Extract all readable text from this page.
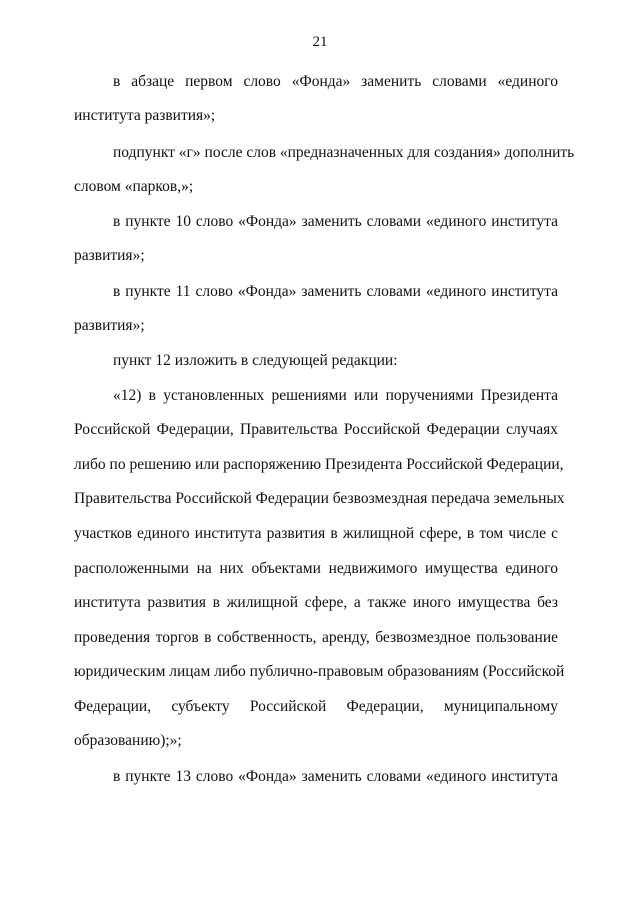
21
в абзаце первом слово «Фонда» заменить словами «единого
института развития»;
подпункт «г» после слов «предназначенных для создания» дополнить
словом «парков,»;
в пункте 10 слово «Фонда» заменить словами «единого института
развития»;
в пункте 11 слово «Фонда» заменить словами «единого института
развития»;
пункт 12 изложить в следующей редакции:
«12) в установленных решениями или поручениями Президента
Российской Федерации, Правительства Российской Федерации случаях
либо по решению или распоряжению Президента Российской Федерации,
Правительства Российской Федерации безвозмездная передача земельных
участков единого института развития в жилищной сфере, в том числе с
расположенными на них объектами недвижимого имущества единого
института развития в жилищной сфере, а также иного имущества без
проведения торгов в собственность, аренду, безвозмездное пользование
юридическим лицам либо публично-правовым образованиям (Российской
Федерации, субъекту Российской Федерации, муниципальному
образованию);»;
в пункте 13 слово «Фонда» заменить словами «единого института
